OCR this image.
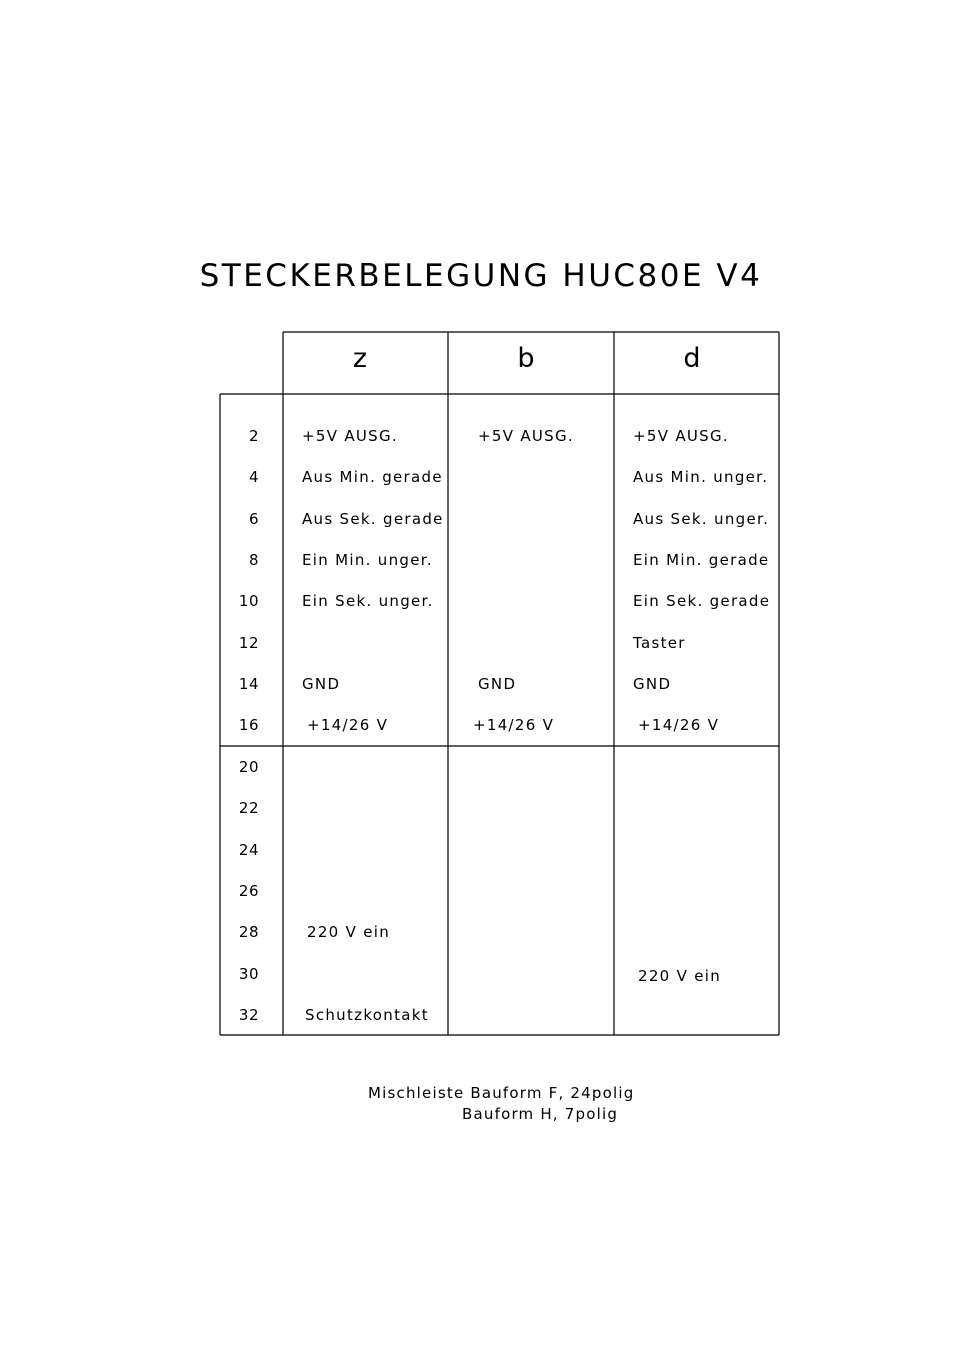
STECKERBELEGUNG HUC80E V4
z	b	d
2
4
6
8
10
12
14
16
20
22
24
26
28
30
32
+5V AUSG.
Aus Min. gerade
Aus Sek. gerade
Ein Min. unger.
Ein Sek. unger.
GND
+14/26 V
220 V ein
Schutzkontakt
+5V AUSG.
GND
+14/26 V
+5V AUSG.
Aus Min. unger.
Aus Sek. unger.
Ein Min. gerade
Ein Sek. gerade
Taster
GND
+14/26 V
220 V ein
Mischleiste Bauform F, 24polig
Bauform H, 7polig
